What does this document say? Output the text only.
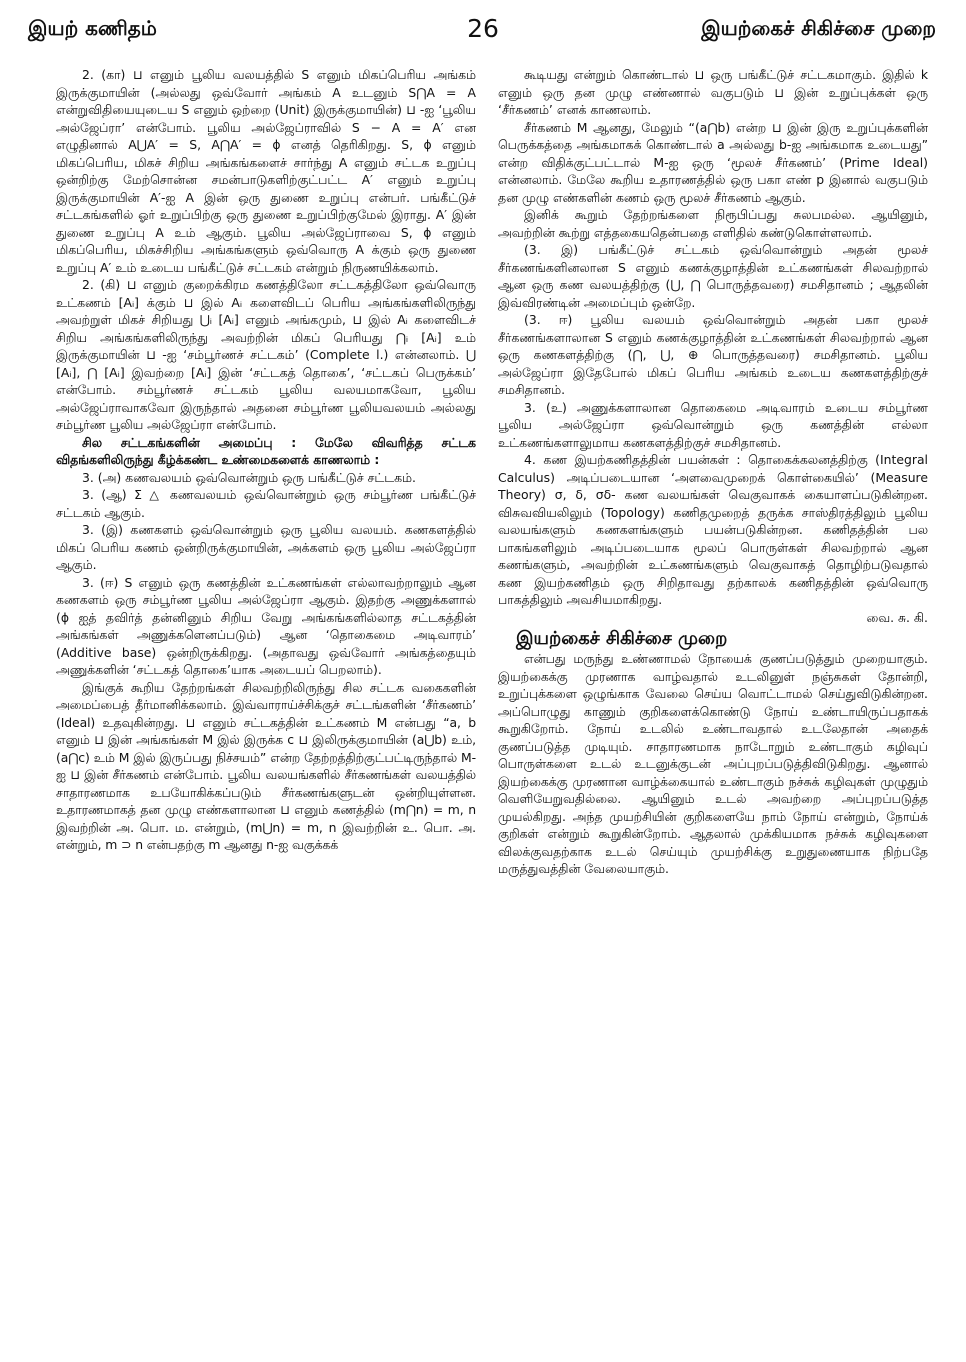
இயற் கணிதம்	26	இயற்கைச் சிகிச்சை முறை

2. (கா) ⊔ எனும் பூலிய வலயத்தில் S எனும் மிகப்பெரிய அங்கம் இருக்குமாயின் (அல்லது ஒவ்வோர் அங்கம் A உடனும் S⋂A = A என்றுவிதியையுடைய S எனும் ஒற்றை (Unit) இருக்குமாயின்) ⊔ -ஐ ‘பூலிய அல்ஜேப்ரா’ என்போம். பூலிய அல்ஜேப்ராவில் S − A = A′ என எழுதினால் A⋃A′ = S, A⋂A′ = ϕ எனத் தெரிகிறது. S, ϕ எனும் மிகப்பெரிய, மிகச் சிறிய அங்கங்களைச் சார்ந்து A எனும் சட்டக உறுப்பு ஒன்றிற்கு மேற்சொன்ன சமன்பாடுகளிற்குட்பட்ட A′ எனும் உறுப்பு இருக்குமாயின் A′-ஐ A இன் ஒரு துணை உறுப்பு என்பர். பங்கீட்டுச் சட்டகங்களில் ஓர் உறுப்பிற்கு ஒரு துணை உறுப்பிற்குமேல் இராது. A′ இன் துணை உறுப்பு A உம் ஆகும். பூலிய அல்ஜேப்ராவை S, ϕ எனும் மிகப்பெரிய, மிகச்சிறிய அங்கங்களும் ஒவ்வொரு A க்கும் ஒரு துணை உறுப்பு A′ உம் உடைய பங்கீட்டுச் சட்டகம் என்றும் நிருணயிக்கலாம்.

2. (கி) ⊔ எனும் குறைக்கிரம கணத்திலோ சட்டகத்திலோ ஒவ்வொரு உட்கணம் [Aᵢ] க்கும் ⊔ இல் Aᵢ களைவிடப் பெரிய அங்கங்களிலிருந்து அவற்றுள் மிகச் சிறியது ⋃ᵢ [Aᵢ] எனும் அங்கமும், ⊔ இல் Aᵢ களைவிடச் சிறிய அங்கங்களிலிருந்து அவற்றின் மிகப் பெரியது ⋂ᵢ [Aᵢ] உம் இருக்குமாயின் ⊔ -ஐ ‘சம்பூர்ணச் சட்டகம்’ (Complete l.) என்னலாம். ⋃ [Aᵢ], ⋂ [Aᵢ] இவற்றை [Aᵢ] இன் ‘சட்டகத் தொகை’, ‘சட்டகப் பெருக்கம்’ என்போம். சம்பூர்ணச் சட்டகம் பூலிய வலயமாகவோ, பூலிய அல்ஜேப்ராவாகவோ இருந்தால் அதனை சம்பூர்ண பூலியவலயம் அல்லது சம்பூர்ண பூலிய அல்ஜேப்ரா என்போம்.

சில சட்டகங்களின் அமைப்பு : மேலே விவரித்த சட்டக விதங்களிலிருந்து கீழ்க்கண்ட உண்மைகளைக் காணலாம் :

3. (அ) கணவலயம் ஒவ்வொன்றும் ஒரு பங்கீட்டுச் சட்டகம்.

3. (ஆ) Σ △ கணவலயம் ஒவ்வொன்றும் ஒரு சம்பூர்ண பங்கீட்டுச் சட்டகம் ஆகும்.

3. (இ) கணகளம் ஒவ்வொன்றும் ஒரு பூலிய வலயம். கணகளத்தில் மிகப் பெரிய கணம் ஒன்றிருக்குமாயின், அக்களம் ஒரு பூலிய அல்ஜேப்ரா ஆகும்.

3. (ஈ) S எனும் ஒரு கணத்தின் உட்கணங்கள் எல்லாவற்றாலும் ஆன கணகளம் ஒரு சம்பூர்ண பூலிய அல்ஜேப்ரா ஆகும். இதற்கு அணுக்களால் (ϕ ஐத் தவிர்த் தன்னினும் சிறிய வேறு அங்கங்களில்லாத சட்டகத்தின் அங்கங்கள் அணுக்களெனப்படும்) ஆன ‘தொகைமை அடிவாரம்’ (Additive base) ஒன்றிருக்கிறது. (அதாவது ஒவ்வோர் அங்கத்தையும் அணுக்களின் ‘சட்டகத் தொகை’யாக அடையப் பெறலாம்).

இங்குக் கூறிய தேற்றங்கள் சிலவற்றிலிருந்து சில சட்டக வகைகளின் அமைப்பைத் தீர்மானிக்கலாம். இவ்வாராய்ச்சிக்குச் சட்டங்களின் ‘சீர்கணம்’ (Ideal) உதவுகின்றது. ⊔ எனும் சட்டகத்தின் உட்கணம் M என்பது “a, b எனும் ⊔ இன் அங்கங்கள் M இல் இருக்க c ⊔ இலிருக்குமாயின் (a⋃b) உம், (a⋂c) உம் M இல் இருப்பது நிச்சயம்” என்ற தேற்றத்திற்குட்பட்டிருந்தால் M-ஐ ⊔ இன் சீர்கணம் என்போம். பூலிய வலயங்களில் சீர்கணங்கள் வலயத்தில் சாதாரணமாக உபயோகிக்கப்படும் சீர்கணங்களுடன் ஒன்றியுள்ளன. உதாரணமாகத் தன முழு எண்களாலான ⊔ எனும் கணத்தில் (m⋂n) = m, n இவற்றின் அ. பொ. ம. என்றும், (m⋃n) = m, n இவற்றின் உ. பொ. அ. என்றும், m ⊃ n என்பதற்கு m ஆனது n-ஐ வகுக்கக்

கூடியது என்றும் கொண்டால் ⊔ ஒரு பங்கீட்டுச் சட்டகமாகும். இதில் k எனும் ஒரு தன முழு எண்ணால் வகுபடும் ⊔ இன் உறுப்புக்கள் ஒரு ‘சீர்கணம்’ எனக் காணலாம்.

சீர்கணம் M ஆனது, மேலும் “(a⋂b) என்ற ⊔ இன் இரு உறுப்புக்களின் பெருக்கத்தை அங்கமாகக் கொண்டால் a அல்லது b-ஐ அங்கமாக உடையது” என்ற விதிக்குட்பட்டால் M-ஐ ஒரு ‘மூலச் சீர்கணம்’ (Prime Ideal) என்னலாம். மேலே கூறிய உதாரணத்தில் ஒரு பகா எண் p இனால் வகுபடும் தன முழு எண்களின் கணம் ஒரு மூலச் சீர்கணம் ஆகும்.

இனிக் கூறும் தேற்றங்களை நிரூபிப்பது சுலபமல்ல. ஆயினும், அவற்றின் கூற்று எத்தகையதென்பதை எளிதில் கண்டுகொள்ளலாம்.

(3. இ) பங்கீட்டுச் சட்டகம் ஒவ்வொன்றும் அதன் மூலச் சீர்கணங்களினலான S எனும் கணக்குழாத்தின் உட்கணங்கள் சிலவற்றால் ஆன ஒரு கண வலயத்திற்கு (⋃, ⋂ பொருத்தவரை) சமசிதானம் ; ஆதலின் இவ்விரண்டின் அமைப்பும் ஒன்றே.

(3. ஈ) பூலிய வலயம் ஒவ்வொன்றும் அதன் பகா மூலச் சீர்கணங்களாலான S எனும் கணக்குழாத்தின் உட்கணங்கள் சிலவற்றால் ஆன ஒரு கணகளத்திற்கு (⋂, ⋃, ⊕ பொருத்தவரை) சமசிதானம். பூலிய அல்ஜேப்ரா இதேபோல் மிகப் பெரிய அங்கம் உடைய கணகளத்திற்குச் சமசிதானம்.

3. (உ) அணுக்களாலான தொகைமை அடிவாரம் உடைய சம்பூர்ண பூலிய அல்ஜேப்ரா ஒவ்வொன்றும் ஒரு கணத்தின் எல்லா உட்கணங்களாலுமாய கணகளத்திற்குச் சமசிதானம்.

4. கண இயற்கணிதத்தின் பயன்கள் : தொகைக்கலனத்திற்கு (Integral Calculus) அடிப்படையான ‘அளவைமுறைக் கொள்கையில்’ (Measure Theory) σ, δ, σδ- கண வலயங்கள் வெகுவாகக் கையாளப்படுகின்றன. விசுவவியலிலும் (Topology) கணிதமுறைத் தருக்க சாஸ்திரத்திலும் பூலிய வலயங்களும் கணகளங்களும் பயன்படுகின்றன. கணிதத்தின் பல பாகங்களிலும் அடிப்படையாக மூலப் பொருள்கள் சிலவற்றால் ஆன கணங்களும், அவற்றின் உட்கணங்களும் வெகுவாகத் தொழிற்படுவதால் கண இயற்கணிதம் ஒரு சிறிதாவது தற்காலக் கணிதத்தின் ஒவ்வொரு பாகத்திலும் அவசியமாகிறது.

வை. சு. கி.

இயற்கைச் சிகிச்சை முறை

என்பது மருந்து உண்ணாமல் நோயைக் குணப்படுத்தும் முறையாகும். இயற்கைக்கு முரணாக வாழ்வதால் உடலினுள் நஞ்சுகள் தோன்றி, உறுப்புக்களை ஒழுங்காக வேலை செய்ய வொட்டாமல் செய்துவிடுகின்றன. அப்பொழுது காணும் குறிகளைக்கொண்டு நோய் உண்டாயிருப்பதாகக் கூறுகிறோம். நோய் உடலில் உண்டாவதால் உடலேதான் அதைக் குணப்படுத்த முடியும். சாதாரணமாக நாடோறும் உண்டாகும் கழிவுப் பொருள்களை உடல் உடனுக்குடன் அப்புறப்படுத்திவிடுகிறது. ஆனால் இயற்கைக்கு முரணான வாழ்க்கையால் உண்டாகும் நச்சுக் கழிவுகள் முழுதும் வெளியேறுவதில்லை. ஆயினும் உடல் அவற்றை அப்புறப்படுத்த முயல்கிறது. அந்த முயற்சியின் குறிகளையே நாம் நோய் என்றும், நோய்க் குறிகள் என்றும் கூறுகின்றோம். ஆதலால் முக்கியமாக நச்சுக் கழிவுகளை விலக்குவதற்காக உடல் செய்யும் முயற்சிக்கு உறுதுணையாக நிற்பதே மருத்துவத்தின் வேலையாகும்.
